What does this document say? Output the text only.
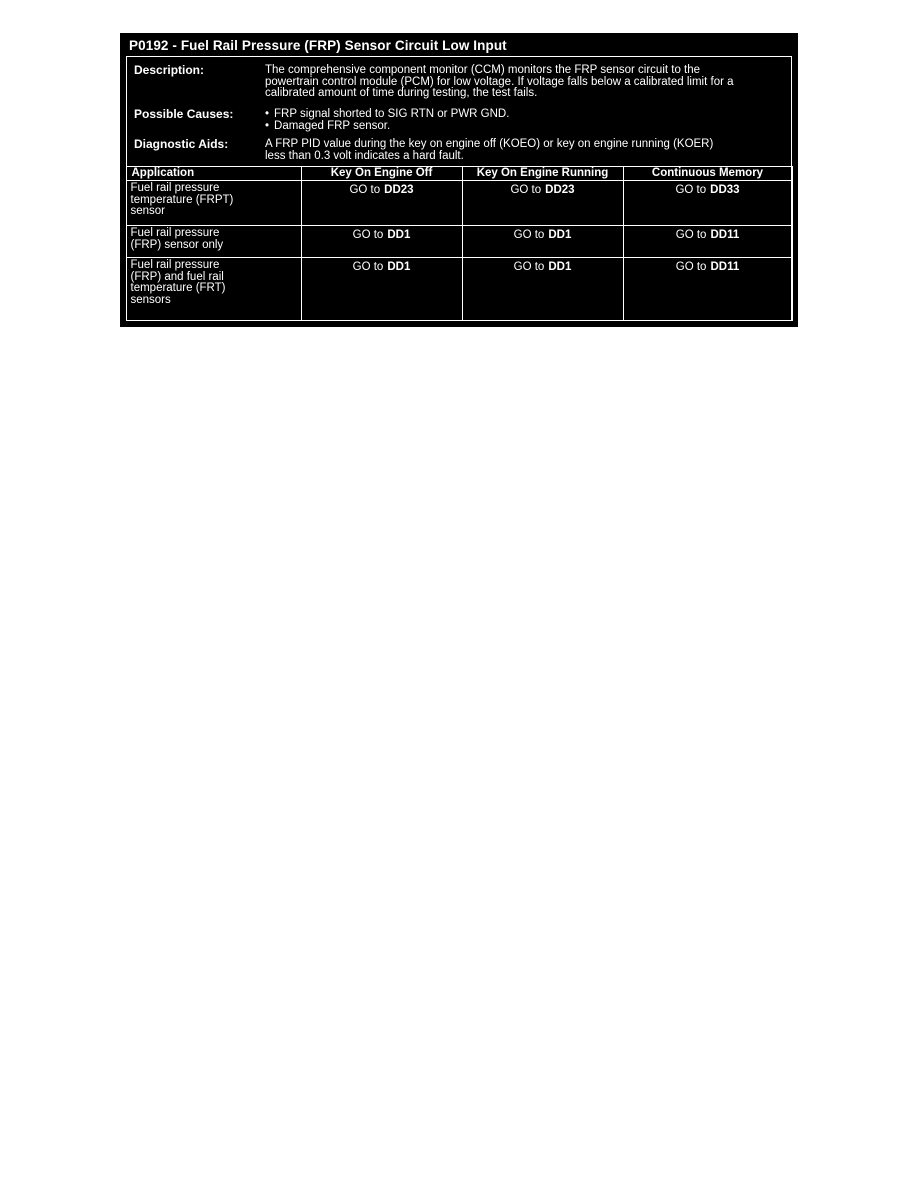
P0192 - Fuel Rail Pressure (FRP) Sensor Circuit Low Input
Description:	The comprehensive component monitor (CCM) monitors the FRP sensor circuit to the
powertrain control module (PCM) for low voltage. If voltage falls below a calibrated limit for a
calibrated amount of time during testing, the test fails.
Possible Causes:	• FRP signal shorted to SIG RTN or PWR GND.
• Damaged FRP sensor.
Diagnostic Aids:	A FRP PID value during the key on engine off (KOEO) or key on engine running (KOER)
less than 0.3 volt indicates a hard fault.
Application	Key On Engine Off	Key On Engine Running	Continuous Memory

Fuel rail pressure
temperature (FRPT)
sensor	GO to DD23	GO to DD23	GO to DD33

Fuel rail pressure
(FRP) sensor only	GO to DD1	GO to DD1	GO to DD11

Fuel rail pressure
(FRP) and fuel rail
temperature (FRT)
sensors	GO to DD1	GO to DD1	GO to DD11
